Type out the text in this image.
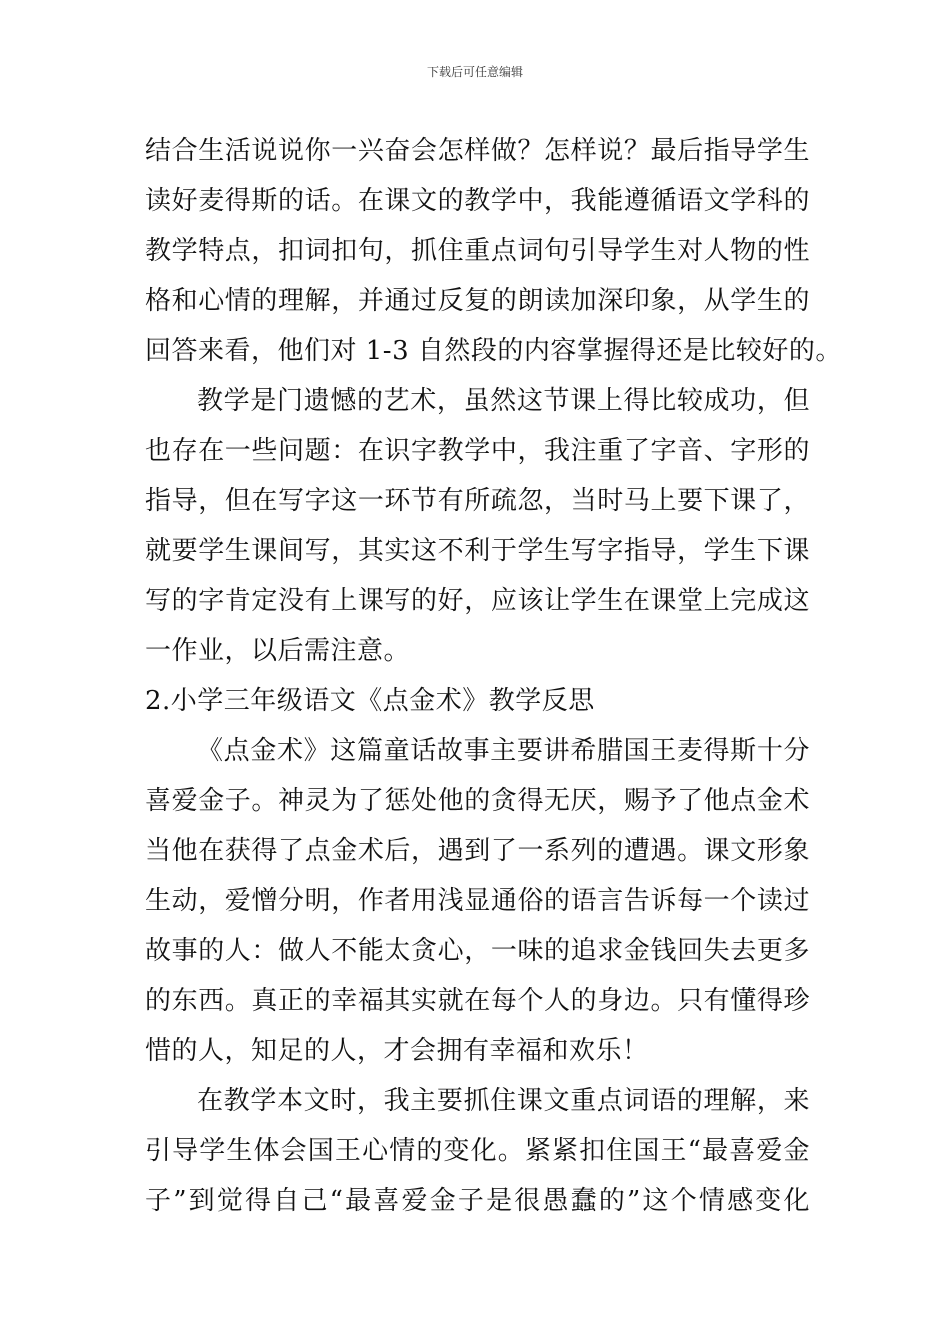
下载后可任意编辑
结合生活说说你一兴奋会怎样做？怎样说？最后指导学生
读好麦得斯的话。在课文的教学中，我能遵循语文学科的
教学特点，扣词扣句，抓住重点词句引导学生对人物的性
格和心情的理解，并通过反复的朗读加深印象，从学生的
回答来看，他们对 1-3 自然段的内容掌握得还是比较好的。
教学是门遗憾的艺术，虽然这节课上得比较成功，但
也存在一些问题：在识字教学中，我注重了字音、字形的
指导，但在写字这一环节有所疏忽，当时马上要下课了，
就要学生课间写，其实这不利于学生写字指导，学生下课
写的字肯定没有上课写的好，应该让学生在课堂上完成这
一作业，以后需注意。
2.小学三年级语文《点金术》教学反思
《点金术》这篇童话故事主要讲希腊国王麦得斯十分
喜爱金子。神灵为了惩处他的贪得无厌，赐予了他点金术
当他在获得了点金术后，遇到了一系列的遭遇。课文形象
生动，爱憎分明，作者用浅显通俗的语言告诉每一个读过
故事的人：做人不能太贪心，一味的追求金钱回失去更多
的东西。真正的幸福其实就在每个人的身边。只有懂得珍
惜的人，知足的人，才会拥有幸福和欢乐！
在教学本文时，我主要抓住课文重点词语的理解，来
引导学生体会国王心情的变化。紧紧扣住国王“最喜爱金
子”到觉得自己“最喜爱金子是很愚蠢的”这个情感变化
